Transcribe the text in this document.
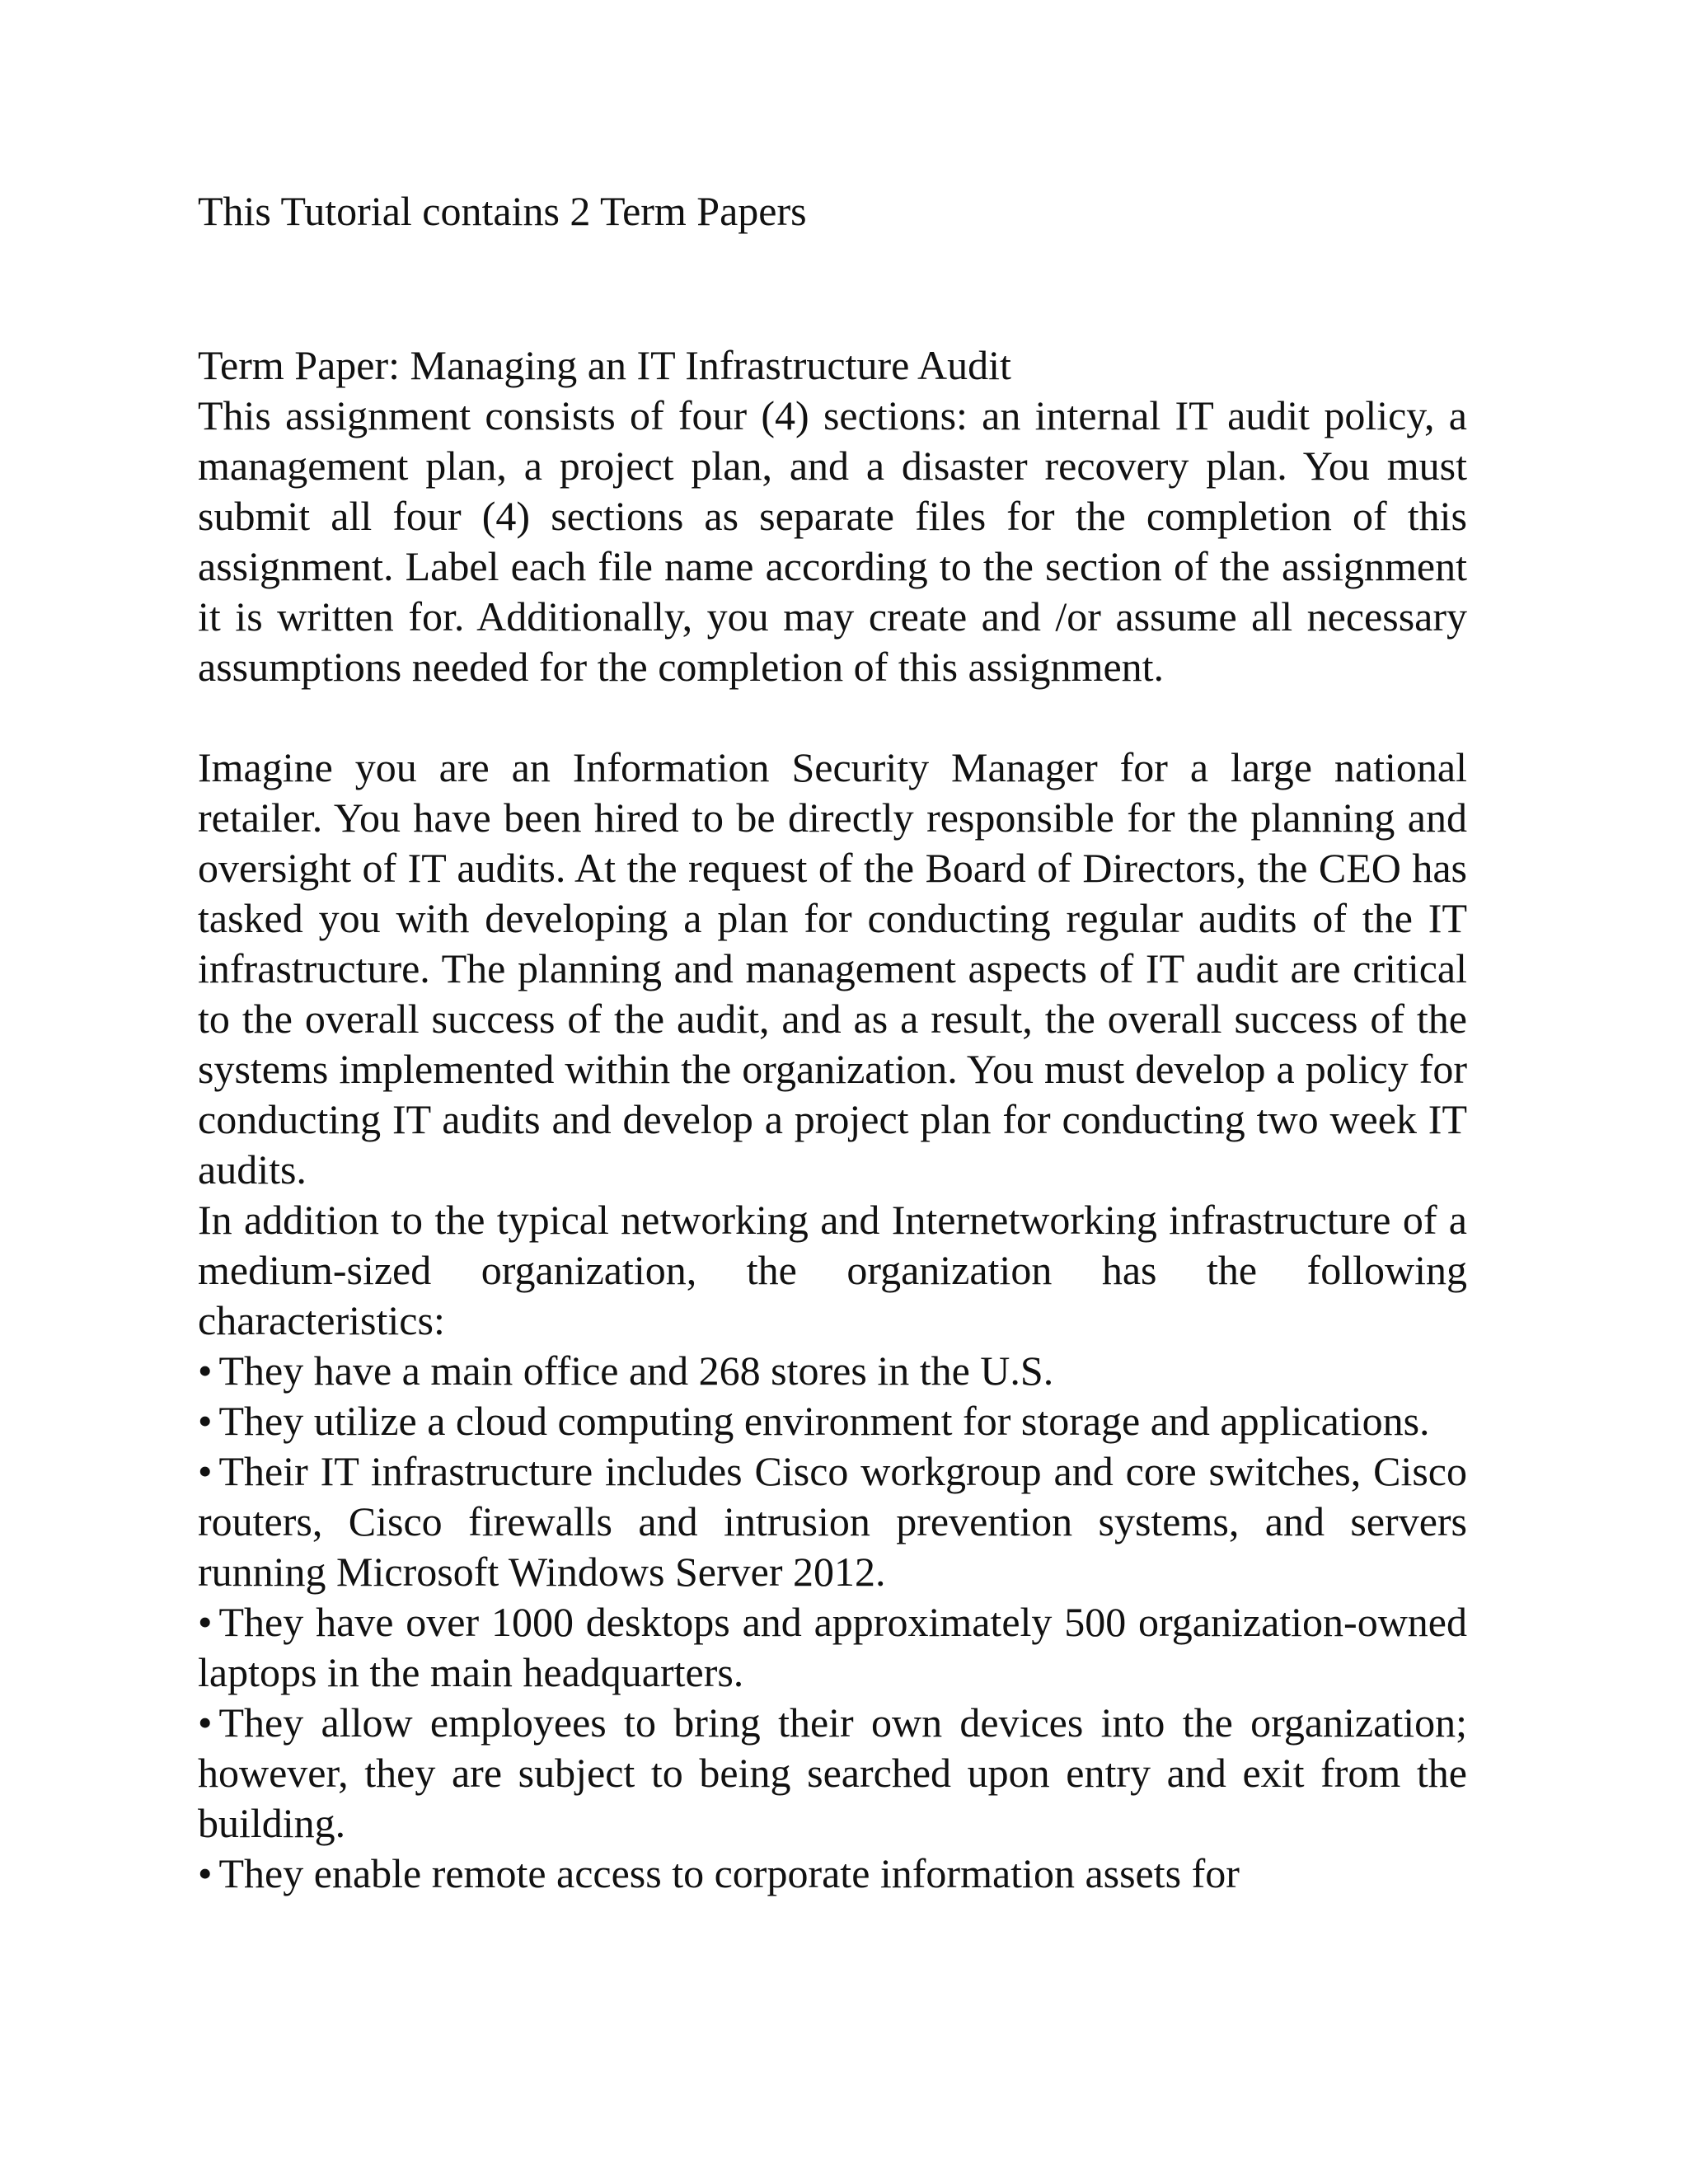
This Tutorial contains 2 Term Papers

Term Paper: Managing an IT Infrastructure Audit

This assignment consists of four (4) sections: an internal IT audit policy, a management plan, a project plan, and a disaster recovery plan. You must submit all four (4) sections as separate files for the completion of this assignment. Label each file name according to the section of the assignment it is written for. Additionally, you may create and /or assume all necessary assumptions needed for the completion of this assignment.

Imagine you are an Information Security Manager for a large national retailer. You have been hired to be directly responsible for the planning and oversight of IT audits. At the request of the Board of Directors, the CEO has tasked you with developing a plan for conducting regular audits of the IT infrastructure. The planning and management aspects of IT audit are critical to the overall success of the audit, and as a result, the overall success of the systems implemented within the organization. You must develop a policy for conducting IT audits and develop a project plan for conducting two week IT audits.

In addition to the typical networking and Internetworking infrastructure of a medium-sized organization, the organization has the following characteristics:

• They have a main office and 268 stores in the U.S.
• They utilize a cloud computing environment for storage and applications.
• Their IT infrastructure includes Cisco workgroup and core switches, Cisco routers, Cisco firewalls and intrusion prevention systems, and servers running Microsoft Windows Server 2012.
• They have over 1000 desktops and approximately 500 organization-owned laptops in the main headquarters.
• They allow employees to bring their own devices into the organization; however, they are subject to being searched upon entry and exit from the building.
• They enable remote access to corporate information assets for
